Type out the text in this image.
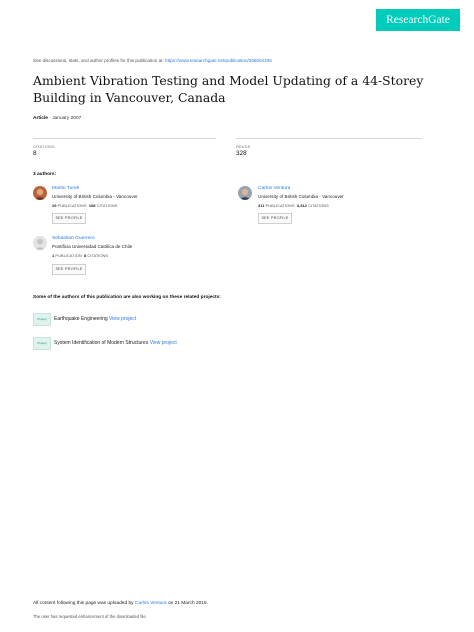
ResearchGate
See discussions, stats, and author profiles for this publication at: https://www.researchgate.net/publication/265604335
Ambient Vibration Testing and Model Updating of a 44-Storey Building in Vancouver, Canada
Article · January 2007
CITATIONS
8
READS
328
3 authors:
Martin Turek
University of British Columbia - Vancouver
29 PUBLICATIONS 108 CITATIONS
SEE PROFILE
Carlos Ventura
University of British Columbia - Vancouver
311 PUBLICATIONS 4,312 CITATIONS
SEE PROFILE
Sebastian Guerrero
Pontificia Universidad Católica de Chile
1 PUBLICATION 8 CITATIONS
SEE PROFILE
Some of the authors of this publication are also working on these related projects:
Project	Earthquake Engineering View project
Project	System Identification of Modern Structures View project
All content following this page was uploaded by Carlos Ventura on 21 March 2015.
The user has requested enhancement of the downloaded file.
